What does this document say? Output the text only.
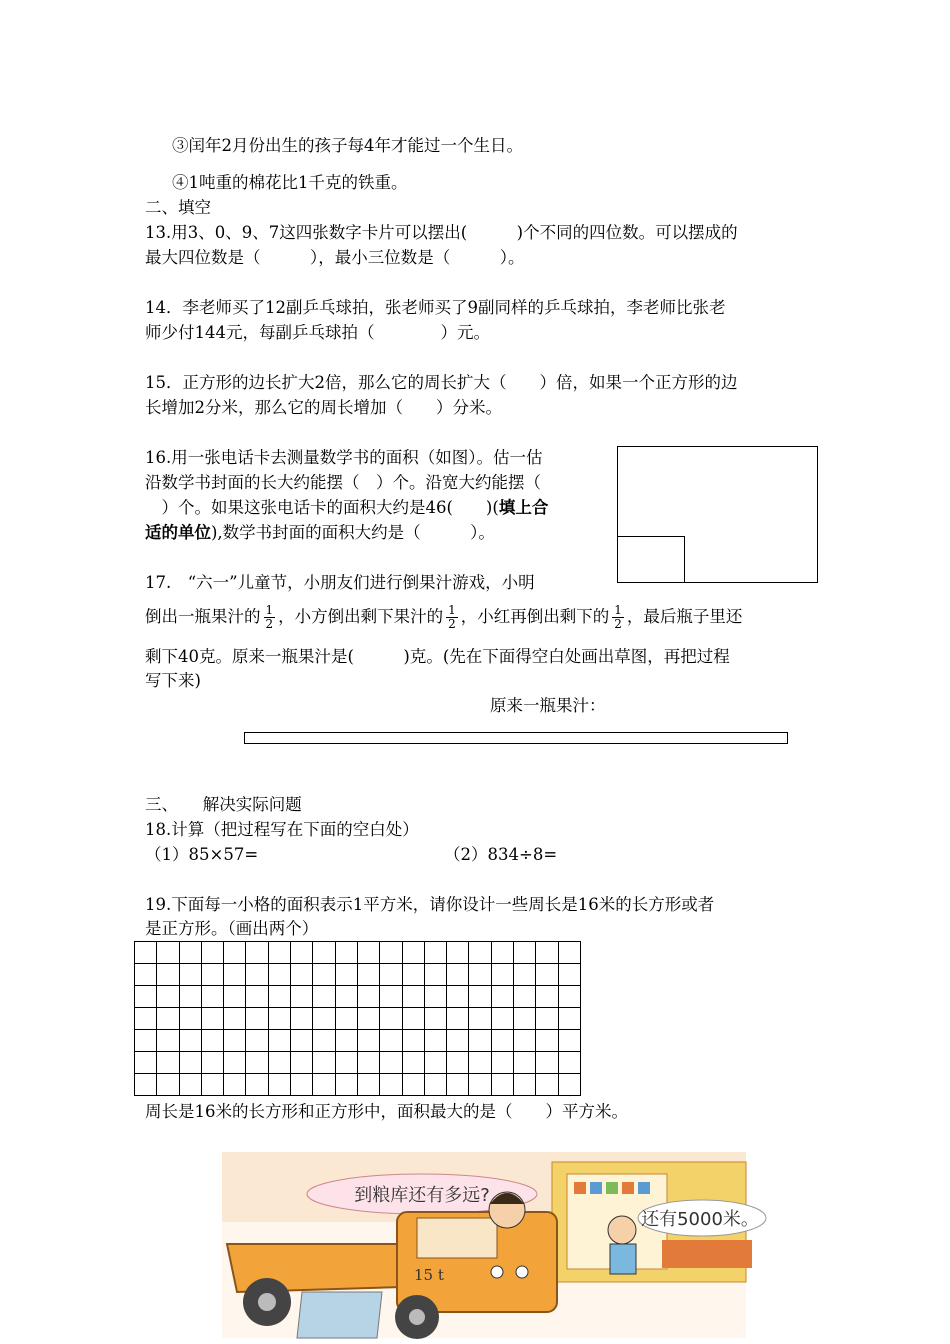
③闰年2月份出生的孩子每4年才能过一个生日。
④1吨重的棉花比1千克的铁重。
二、填空
13.用3、0、9、7这四张数字卡片可以摆出(　　　)个不同的四位数。可以摆成的
最大四位数是（　　　），最小三位数是（　　　）。
14．李老师买了12副乒乓球拍，张老师买了9副同样的乒乓球拍，李老师比张老
师少付144元，每副乒乓球拍（　　　　）元。
15．正方形的边长扩大2倍，那么它的周长扩大（　　）倍，如果一个正方形的边
长增加2分米，那么它的周长增加（　　）分米。
16.用一张电话卡去测量数学书的面积（如图）。估一估
沿数学书封面的长大约能摆（　）个。沿宽大约能摆（
　）个。如果这张电话卡的面积大约是46(　　)(填上合
适的单位),数学书封面的面积大约是（　　　）。
17.　“六一”儿童节，小朋友们进行倒果汁游戏，小明
倒出一瓶果汁的 $\frac{1}{2}$ ，小方倒出剩下果汁的 $\frac{1}{2}$ ，小红再倒出剩下的 $\frac{1}{2}$ ，最后瓶子里还
剩下40克。原来一瓶果汁是(　　　)克。(先在下面得空白处画出草图，再把过程
写下来)
原来一瓶果汁：
三、　　解决实际问题
18.计算（把过程写在下面的空白处）
（1）85×57=	（2）834÷8=
19.下面每一小格的面积表示1平方米，请你设计一些周长是16米的长方形或者
是正方形。（画出两个）

周长是16米的长方形和正方形中，面积最大的是（　　）平方米。
到粮库还有多远?
还有5000米。
15 t
